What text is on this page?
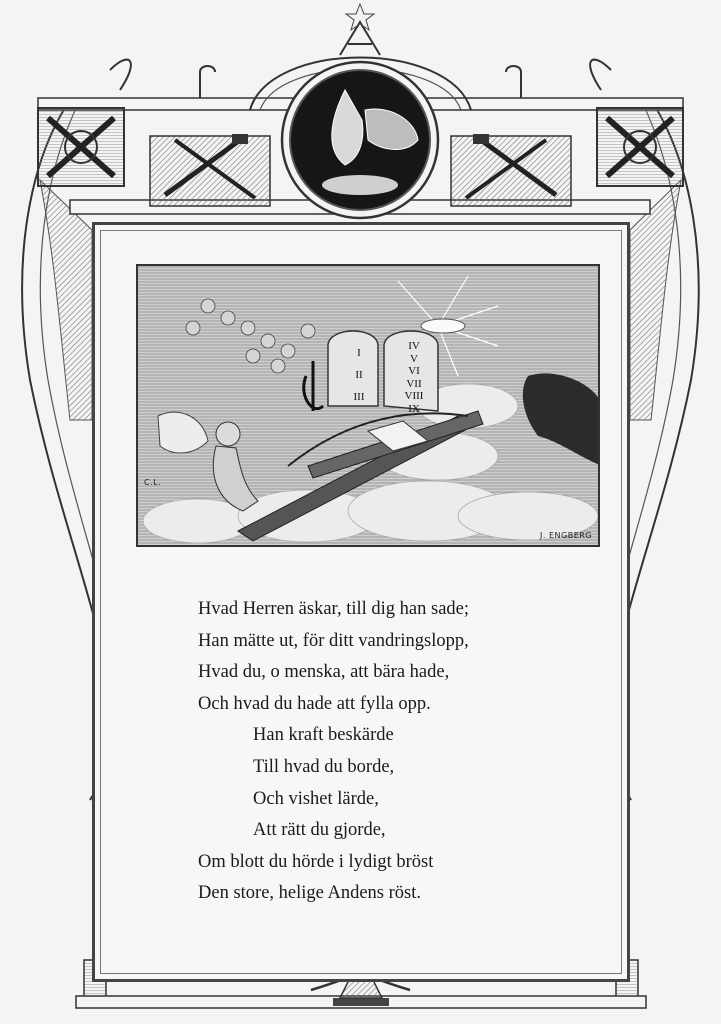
I
II
III
IV
V
VI
VII
VIII
IX
C.L.
J. ENGBERG
Hvad Herren äskar, till dig han sade;
Han mätte ut, för ditt vandringslopp,
Hvad du, o menska, att bära hade,
Och hvad du hade att fylla opp.
Han kraft beskärde
Till hvad du borde,
Och vishet lärde,
Att rätt du gjorde,
Om blott du hörde i lydigt bröst
Den store, helige Andens röst.
